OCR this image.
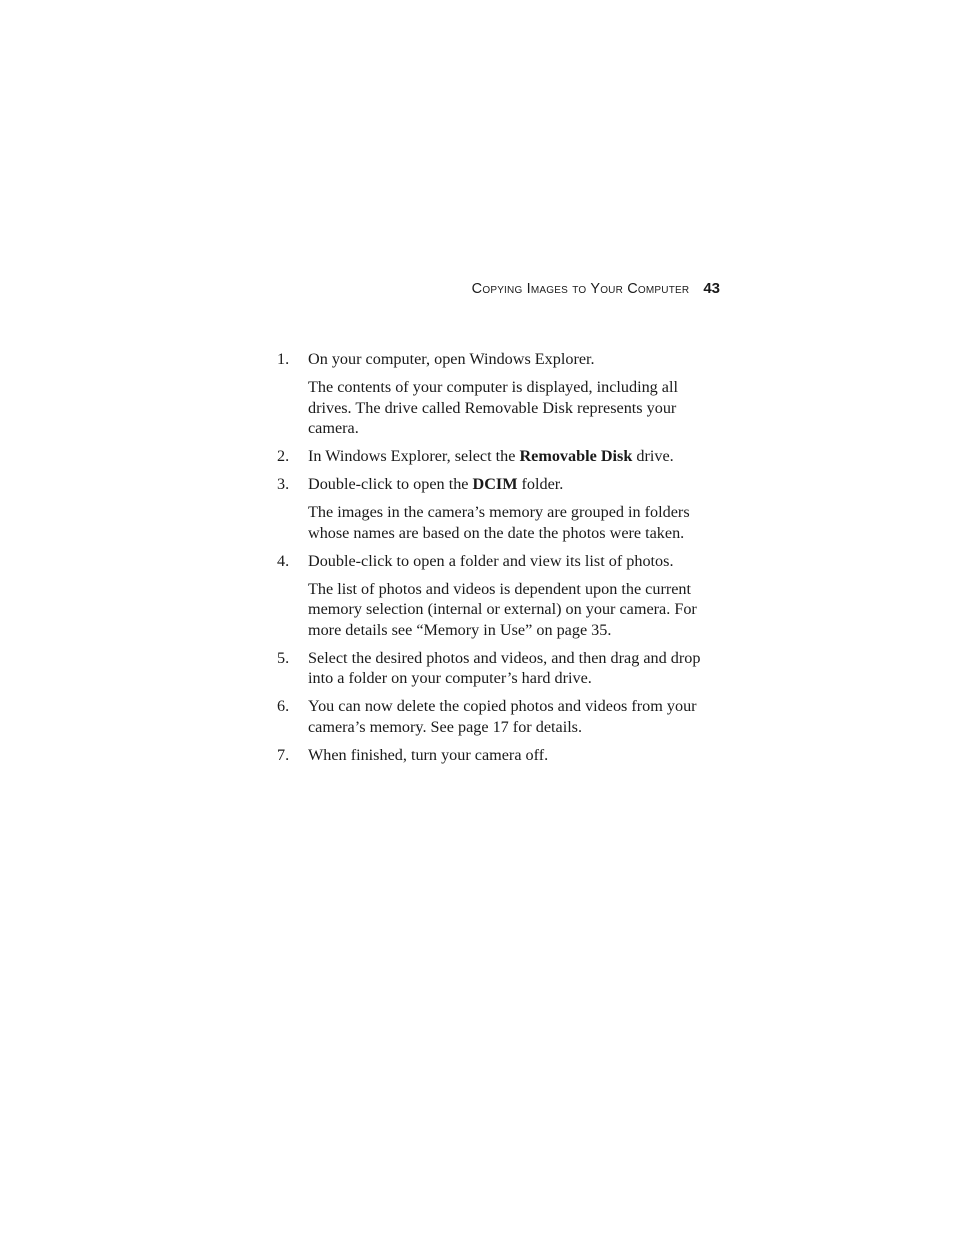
Copying Images to Your Computer 43
1.	On your computer, open Windows Explorer.
The contents of your computer is displayed, including all drives. The drive called Removable Disk represents your camera.
2.	In Windows Explorer, select the Removable Disk drive.
3.	Double-click to open the DCIM folder.
The images in the camera’s memory are grouped in folders whose names are based on the date the photos were taken.
4.	Double-click to open a folder and view its list of photos.
The list of photos and videos is dependent upon the current memory selection (internal or external) on your camera. For more details see “Memory in Use” on page 35.
5.	Select the desired photos and videos, and then drag and drop into a folder on your computer’s hard drive.
6.	You can now delete the copied photos and videos from your camera’s memory. See page 17 for details.
7.	When finished, turn your camera off.
